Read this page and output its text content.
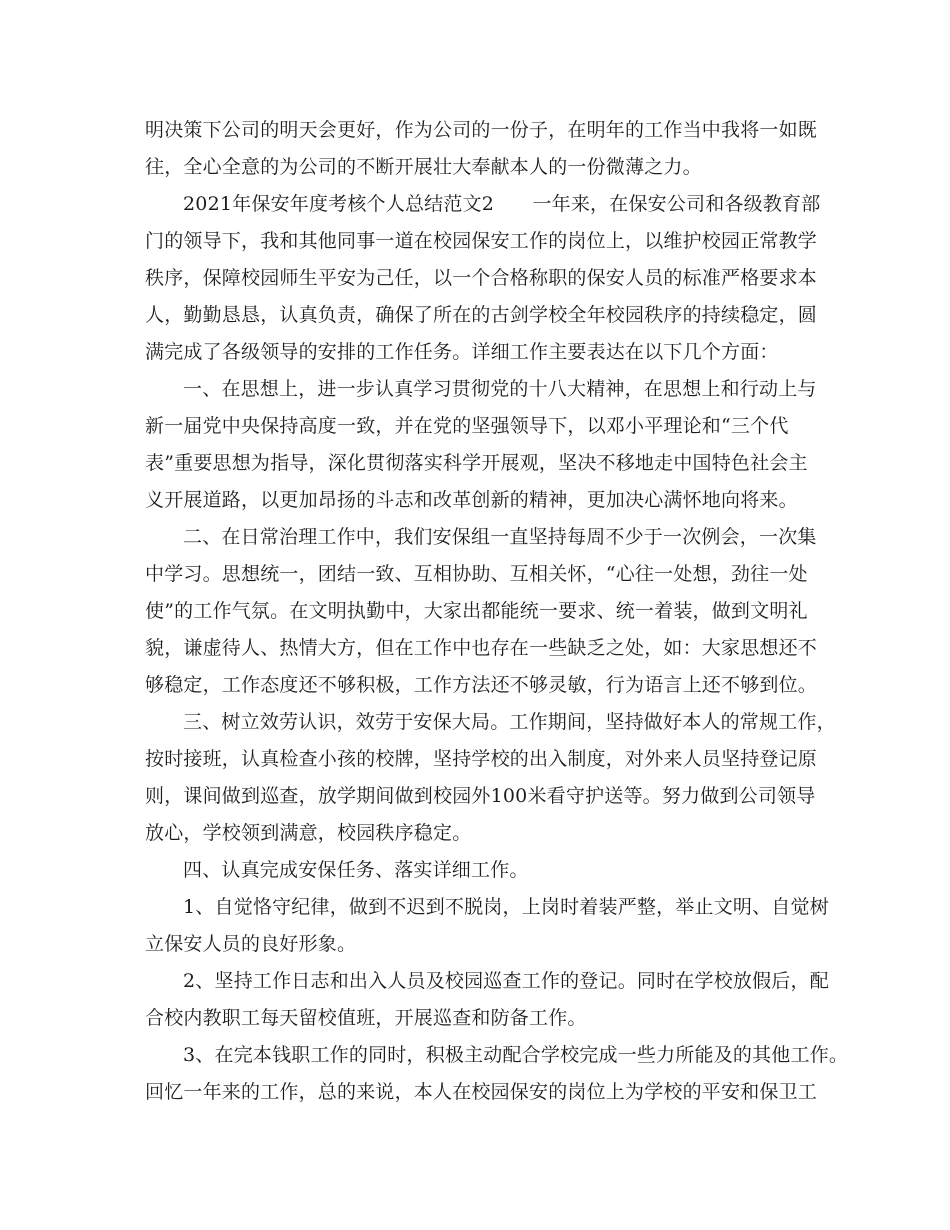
明决策下公司的明天会更好，作为公司的一份子，在明年的工作当中我将一如既
往，全心全意的为公司的不断开展壮大奉献本人的一份微薄之力。
2021年保安年度考核个人总结范文2　　一年来，在保安公司和各级教育部
门的领导下，我和其他同事一道在校园保安工作的岗位上，以维护校园正常教学
秩序，保障校园师生平安为己任，以一个合格称职的保安人员的标准严格要求本
人，勤勤恳恳，认真负责，确保了所在的古剑学校全年校园秩序的持续稳定，圆
满完成了各级领导的安排的工作任务。详细工作主要表达在以下几个方面：
一、在思想上，进一步认真学习贯彻党的十八大精神，在思想上和行动上与
新一届党中央保持高度一致，并在党的坚强领导下，以邓小平理论和“三个代
表”重要思想为指导，深化贯彻落实科学开展观，坚决不移地走中国特色社会主
义开展道路，以更加昂扬的斗志和改革创新的精神，更加决心满怀地向将来。
二、在日常治理工作中，我们安保组一直坚持每周不少于一次例会，一次集
中学习。思想统一，团结一致、互相协助、互相关怀，“心往一处想，劲往一处
使”的工作气氛。在文明执勤中，大家出都能统一要求、统一着装，做到文明礼
貌，谦虚待人、热情大方，但在工作中也存在一些缺乏之处，如：大家思想还不
够稳定，工作态度还不够积极，工作方法还不够灵敏，行为语言上还不够到位。
三、树立效劳认识，效劳于安保大局。工作期间，坚持做好本人的常规工作，
按时接班，认真检查小孩的校牌，坚持学校的出入制度，对外来人员坚持登记原
则，课间做到巡查，放学期间做到校园外100米看守护送等。努力做到公司领导
放心，学校领到满意，校园秩序稳定。
四、认真完成安保任务、落实详细工作。
1、自觉恪守纪律，做到不迟到不脱岗，上岗时着装严整，举止文明、自觉树
立保安人员的良好形象。
2、坚持工作日志和出入人员及校园巡查工作的登记。同时在学校放假后，配
合校内教职工每天留校值班，开展巡查和防备工作。
3、在完本钱职工作的同时，积极主动配合学校完成一些力所能及的其他工作。
回忆一年来的工作，总的来说，本人在校园保安的岗位上为学校的平安和保卫工
